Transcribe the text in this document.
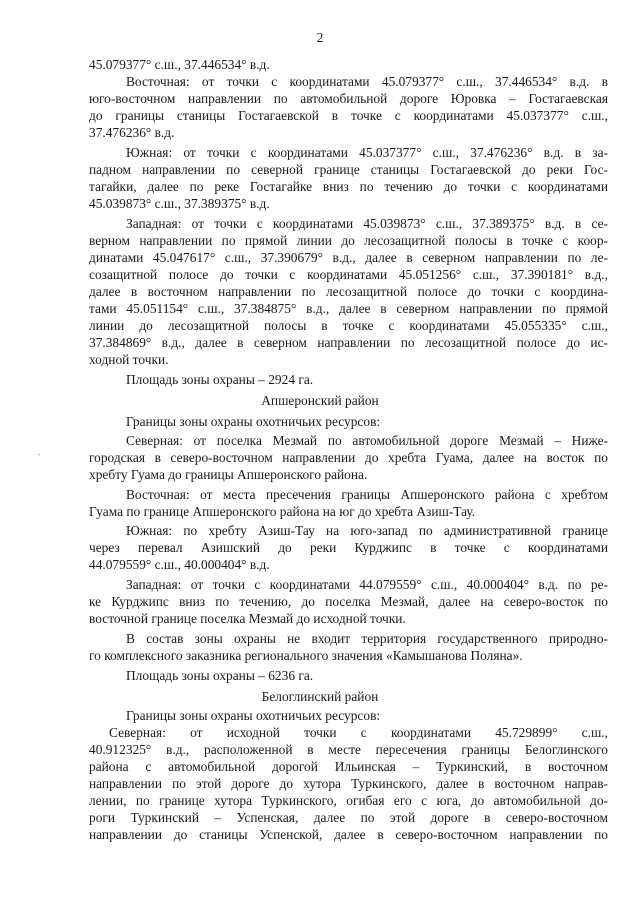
2
45.079377° с.ш., 37.446534° в.д.
Восточная: от точки с координатами 45.079377° с.ш., 37.446534° в.д. в
юго-восточном направлении по автомобильной дороге Юровка – Гостагаевская
до границы станицы Гостагаевской в точке с координатами 45.037377° с.ш.,
37.476236° в.д.
Южная: от точки с координатами 45.037377° с.ш., 37.476236° в.д. в за-
падном направлении по северной границе станицы Гостагаевской до реки Гос-
тагайки, далее по реке Гостагайке вниз по течению до точки с координатами
45.039873° с.ш., 37.389375° в.д.
Западная: от точки с координатами 45.039873° с.ш., 37.389375° в.д. в се-
верном направлении по прямой линии до лесозащитной полосы в точке с коор-
динатами 45.047617° с.ш., 37.390679° в.д., далее в северном направлении по ле-
созащитной полосе до точки с координатами 45.051256° с.ш., 37.390181° в.д.,
далее в восточном направлении по лесозащитной полосе до точки с координа-
тами 45.051154° с.ш., 37.384875° в.д., далее в северном направлении по прямой
линии до лесозащитной полосы в точке с координатами 45.055335° с.ш.,
37.384869° в.д., далее в северном направлении по лесозащитной полосе до ис-
ходной точки.
Площадь зоны охраны – 2924 га.
Апшеронский район
Границы зоны охраны охотничьих ресурсов:
Северная: от поселка Мезмай по автомобильной дороге Мезмай – Ниже-
городская в северо-восточном направлении до хребта Гуама, далее на восток по
хребту Гуама до границы Апшеронского района.
Восточная: от места пресечения границы Апшеронского района с хребтом
Гуама по границе Апшеронского района на юг до хребта Азиш-Тау.
Южная: по хребту Азиш-Тау на юго-запад по административной границе
через перевал Азишский до реки Курджипс в точке с координатами
44.079559° с.ш., 40.000404° в.д.
Западная: от точки с координатами 44.079559° с.ш., 40.000404° в.д. по ре-
ке Курджипс вниз по течению, до поселка Мезмай, далее на северо-восток по
восточной границе поселка Мезмай до исходной точки.
В состав зоны охраны не входит территория государственного природно-
го комплексного заказника регионального значения «Камышанова Поляна».
Площадь зоны охраны – 6236 га.
Белоглинский район
Границы зоны охраны охотничьих ресурсов:
Северная: от исходной точки с координатами 45.729899° с.ш.,
40.912325° в.д., расположенной в месте пересечения границы Белоглинского
района с автомобильной дорогой Ильинская – Туркинский, в восточном
направлении по этой дороге до хутора Туркинского, далее в восточном направ-
лении, по границе хутора Туркинского, огибая его с юга, до автомобильной до-
роги Туркинский – Успенская, далее по этой дороге в северо-восточном
направлении до станицы Успенской, далее в северо-восточном направлении по
ˈ
